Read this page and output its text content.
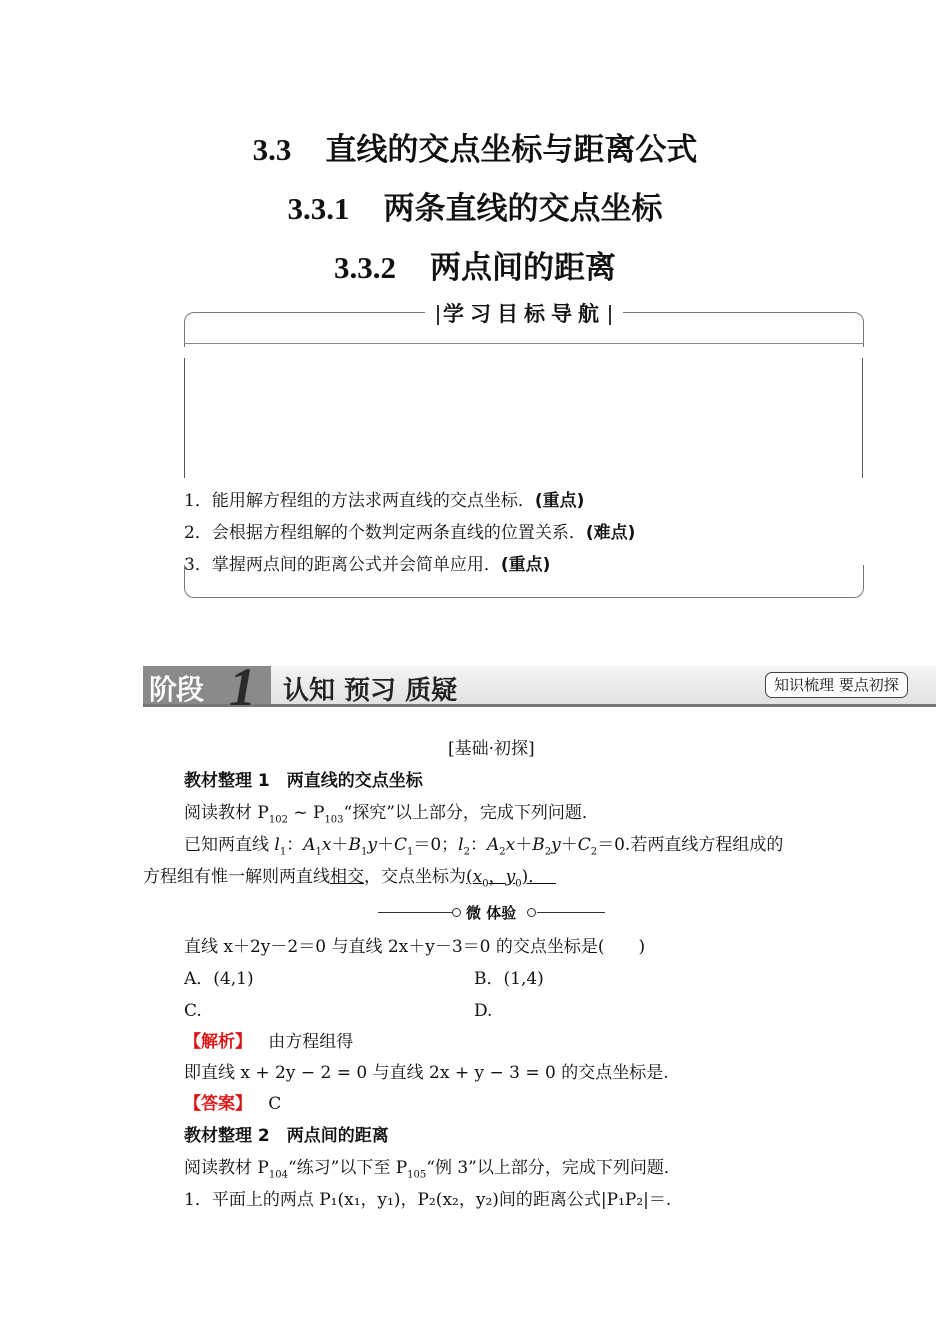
3.3 直线的交点坐标与距离公式
3.3.1 两条直线的交点坐标
3.3.2 两点间的距离
学习目标导航
1．能用解方程组的方法求两直线的交点坐标．(重点)
2．会根据方程组解的个数判定两条直线的位置关系．(难点)
3．掌握两点间的距离公式并会简单应用．(重点)
阶段 1 认知 预习 质疑	知识梳理 要点初探
[基础·初探]
教材整理 1　两直线的交点坐标
阅读教材 $P_{102}$ ~ $P_{103}“$探究”以上部分，完成下列问题．
已知两直线 $l_1$：$A_1x+B_1y+C_1=0$；$l_2$：$A_2x+B_2y+C_2=0$.若两直线方程组成的
方程组有惟一解则两直线相交，交点坐标为($x_0$，$y_0$)．
微 体验
直线 x＋2y－2＝0 与直线 2x＋y－3＝0 的交点坐标是(　　)
A．(4,1)	B．(1,4)
C.	D.
【解析】 由方程组得
即直线 x + 2y − 2 = 0 与直线 2x + y − 3 = 0 的交点坐标是.
【答案】 C
教材整理 2　两点间的距离
阅读教材 $P_{104}“$练习”以下至 $P_{105}“$例 3”以上部分，完成下列问题．
1．平面上的两点 P₁(x₁，y₁)，P₂(x₂，y₂)间的距离公式|P₁P₂|＝.
